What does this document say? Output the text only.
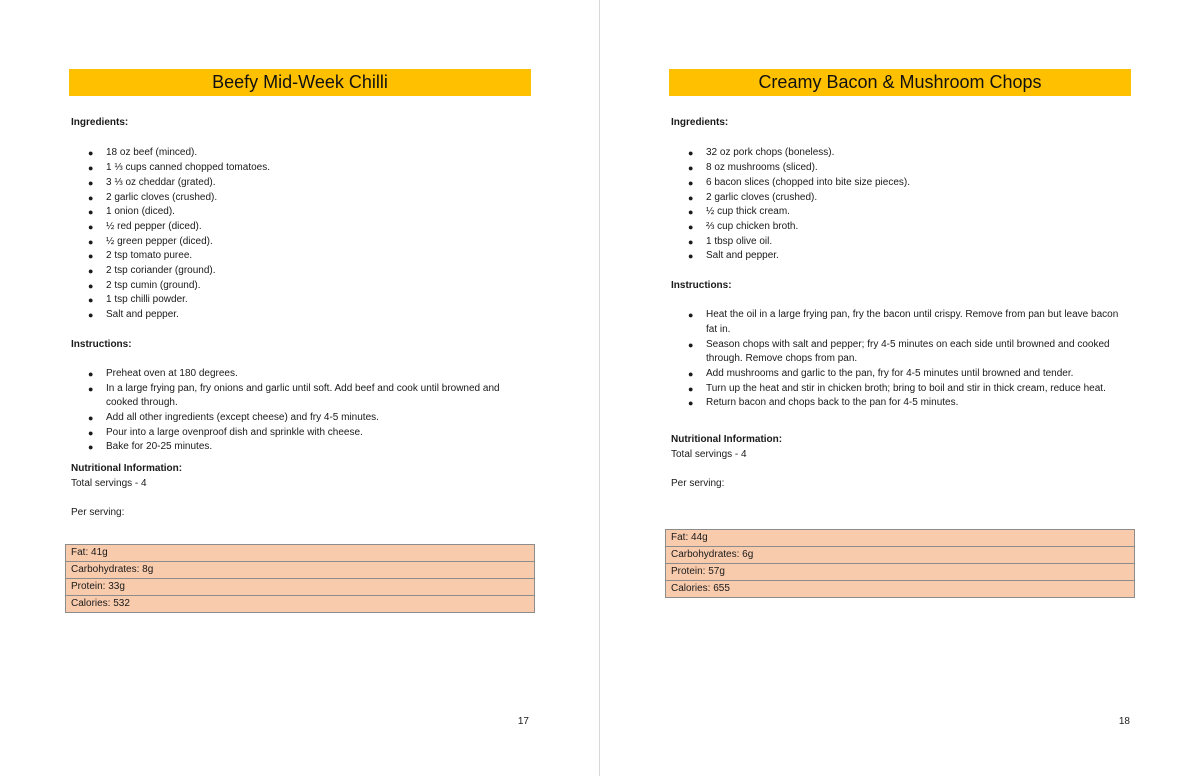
Beefy Mid-Week Chilli

Ingredients:

● 18 oz beef (minced).
● 1 ⅓ cups canned chopped tomatoes.
● 3 ⅓ oz cheddar (grated).
● 2 garlic cloves (crushed).
● 1 onion (diced).
● ½ red pepper (diced).
● ½ green pepper (diced).
● 2 tsp tomato puree.
● 2 tsp coriander (ground).
● 2 tsp cumin (ground).
● 1 tsp chilli powder.
● Salt and pepper.

Instructions:

● Preheat oven at 180 degrees.
● In a large frying pan, fry onions and garlic until soft. Add beef and cook until browned and cooked through.
● Add all other ingredients (except cheese) and fry 4-5 minutes.
● Pour into a large ovenproof dish and sprinkle with cheese.
● Bake for 20-25 minutes.

Nutritional Information:

Total servings - 4

Per serving:

Fat: 41g
Carbohydrates: 8g
Protein: 33g
Calories: 532
17
Creamy Bacon & Mushroom Chops

Ingredients:

● 32 oz pork chops (boneless).
● 8 oz mushrooms (sliced).
● 6 bacon slices (chopped into bite size pieces).
● 2 garlic cloves (crushed).
● ½ cup thick cream.
● ⅔ cup chicken broth.
● 1 tbsp olive oil.
● Salt and pepper.

Instructions:

● Heat the oil in a large frying pan, fry the bacon until crispy. Remove from pan but leave bacon fat in.
● Season chops with salt and pepper; fry 4-5 minutes on each side until browned and cooked through. Remove chops from pan.
● Add mushrooms and garlic to the pan, fry for 4-5 minutes until browned and tender.
● Turn up the heat and stir in chicken broth; bring to boil and stir in thick cream, reduce heat.
● Return bacon and chops back to the pan for 4-5 minutes.

Nutritional Information:

Total servings - 4

Per serving:

Fat: 44g
Carbohydrates: 6g
Protein: 57g
Calories: 655
18
